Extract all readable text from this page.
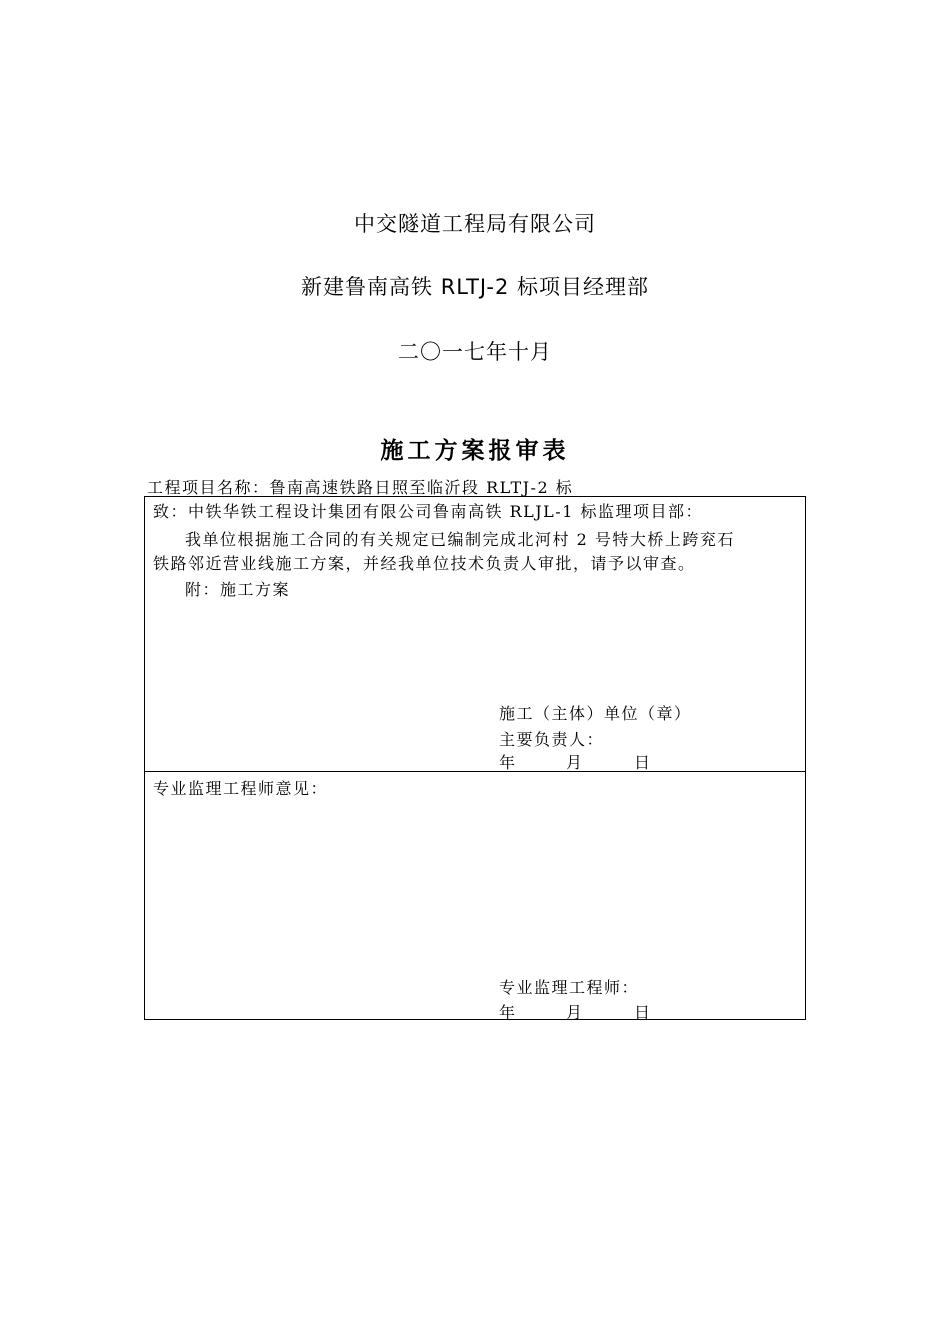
中交隧道工程局有限公司
新建鲁南高铁 RLTJ-2 标项目经理部
二〇一七年十月
施工方案报审表
工程项目名称：鲁南高速铁路日照至临沂段 RLTJ-2 标
致：中铁华铁工程设计集团有限公司鲁南高铁 RLJL-1 标监理项目部：
我单位根据施工合同的有关规定已编制完成北河村 2 号特大桥上跨兖石
铁路邻近营业线施工方案，并经我单位技术负责人审批，请予以审查。
附：施工方案
施工（主体）单位（章）
主要负责人：
年	月	日
专业监理工程师意见：
专业监理工程师：
年	月	日
